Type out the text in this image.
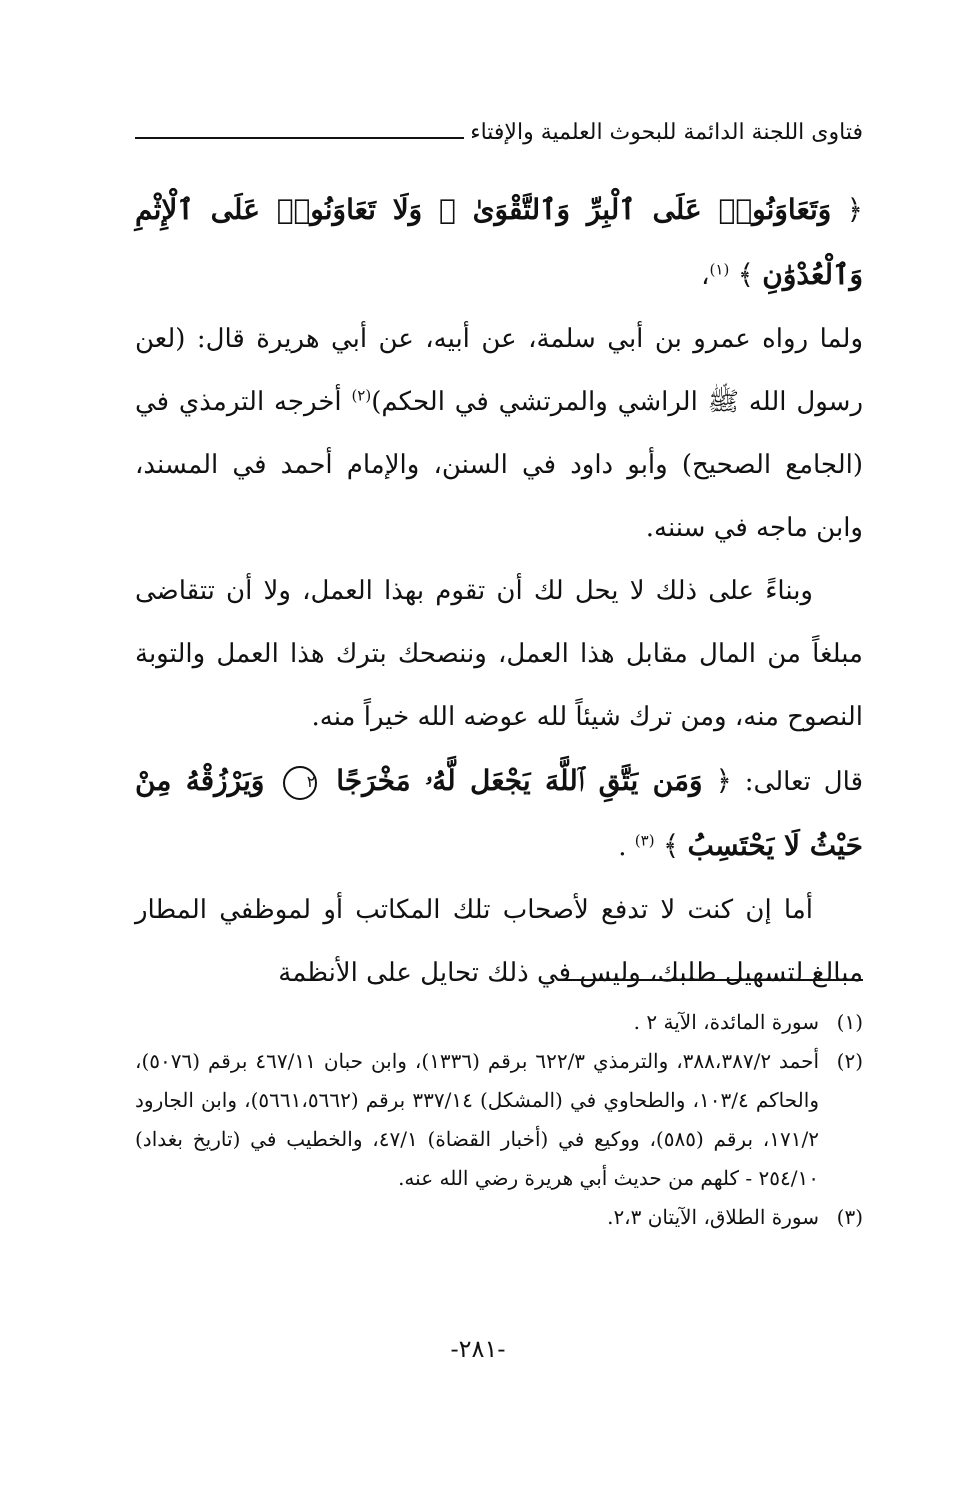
فتاوى اللجنة الدائمة للبحوث العلمية والإفتاء

﴿ وَتَعَاوَنُوا۟ عَلَى ٱلْبِرِّ وَٱلتَّقْوَىٰ ۖ وَلَا تَعَاوَنُوا۟ عَلَى ٱلْإِثْمِ وَٱلْعُدْوَٰنِ ﴾ $^{(١)}$،

ولما رواه عمرو بن أبي سلمة، عن أبيه، عن أبي هريرة قال: (لعن رسول الله ﷺ الراشي والمرتشي في الحكم)$^{(٢)}$ أخرجه الترمذي في (الجامع الصحيح) وأبو داود في السنن، والإمام أحمد في المسند، وابن ماجه في سننه.

وبناءً على ذلك لا يحل لك أن تقوم بهذا العمل، ولا أن تتقاضى مبلغاً من المال مقابل هذا العمل، وننصحك بترك هذا العمل والتوبة النصوح منه، ومن ترك شيئاً لله عوضه الله خيراً منه.

قال تعالى: ﴿ وَمَن يَتَّقِ ٱللَّهَ يَجْعَل لَّهُۥ مَخْرَجًا ٢ وَيَرْزُقْهُ مِنْ حَيْثُ لَا يَحْتَسِبُ ﴾ $^{(٣)}$ .

أما إن كنت لا تدفع لأصحاب تلك المكاتب أو لموظفي المطار مبالغ لتسهيل طلبك، وليس في ذلك تحايل على الأنظمة

(١)
سورة المائدة، الآية ٢ .

(٢)
أحمد ٣٨٨،٣٨٧/٢، والترمذي ٦٢٢/٣ برقم (١٣٣٦)، وابن حبان ٤٦٧/١١ برقم (٥٠٧٦)، والحاكم ١٠٣/٤، والطحاوي في (المشكل) ٣٣٧/١٤ برقم (٥٦٦١،٥٦٦٢)، وابن الجارود ١٧١/٢، برقم (٥٨٥)، ووكيع في (أخبار القضاة) ٤٧/١، والخطيب في (تاريخ بغداد) ٢٥٤/١٠ - كلهم من حديث أبي هريرة رضي الله عنه.

(٣)
سورة الطلاق، الآيتان ٢،٣.

-٢٨١-
